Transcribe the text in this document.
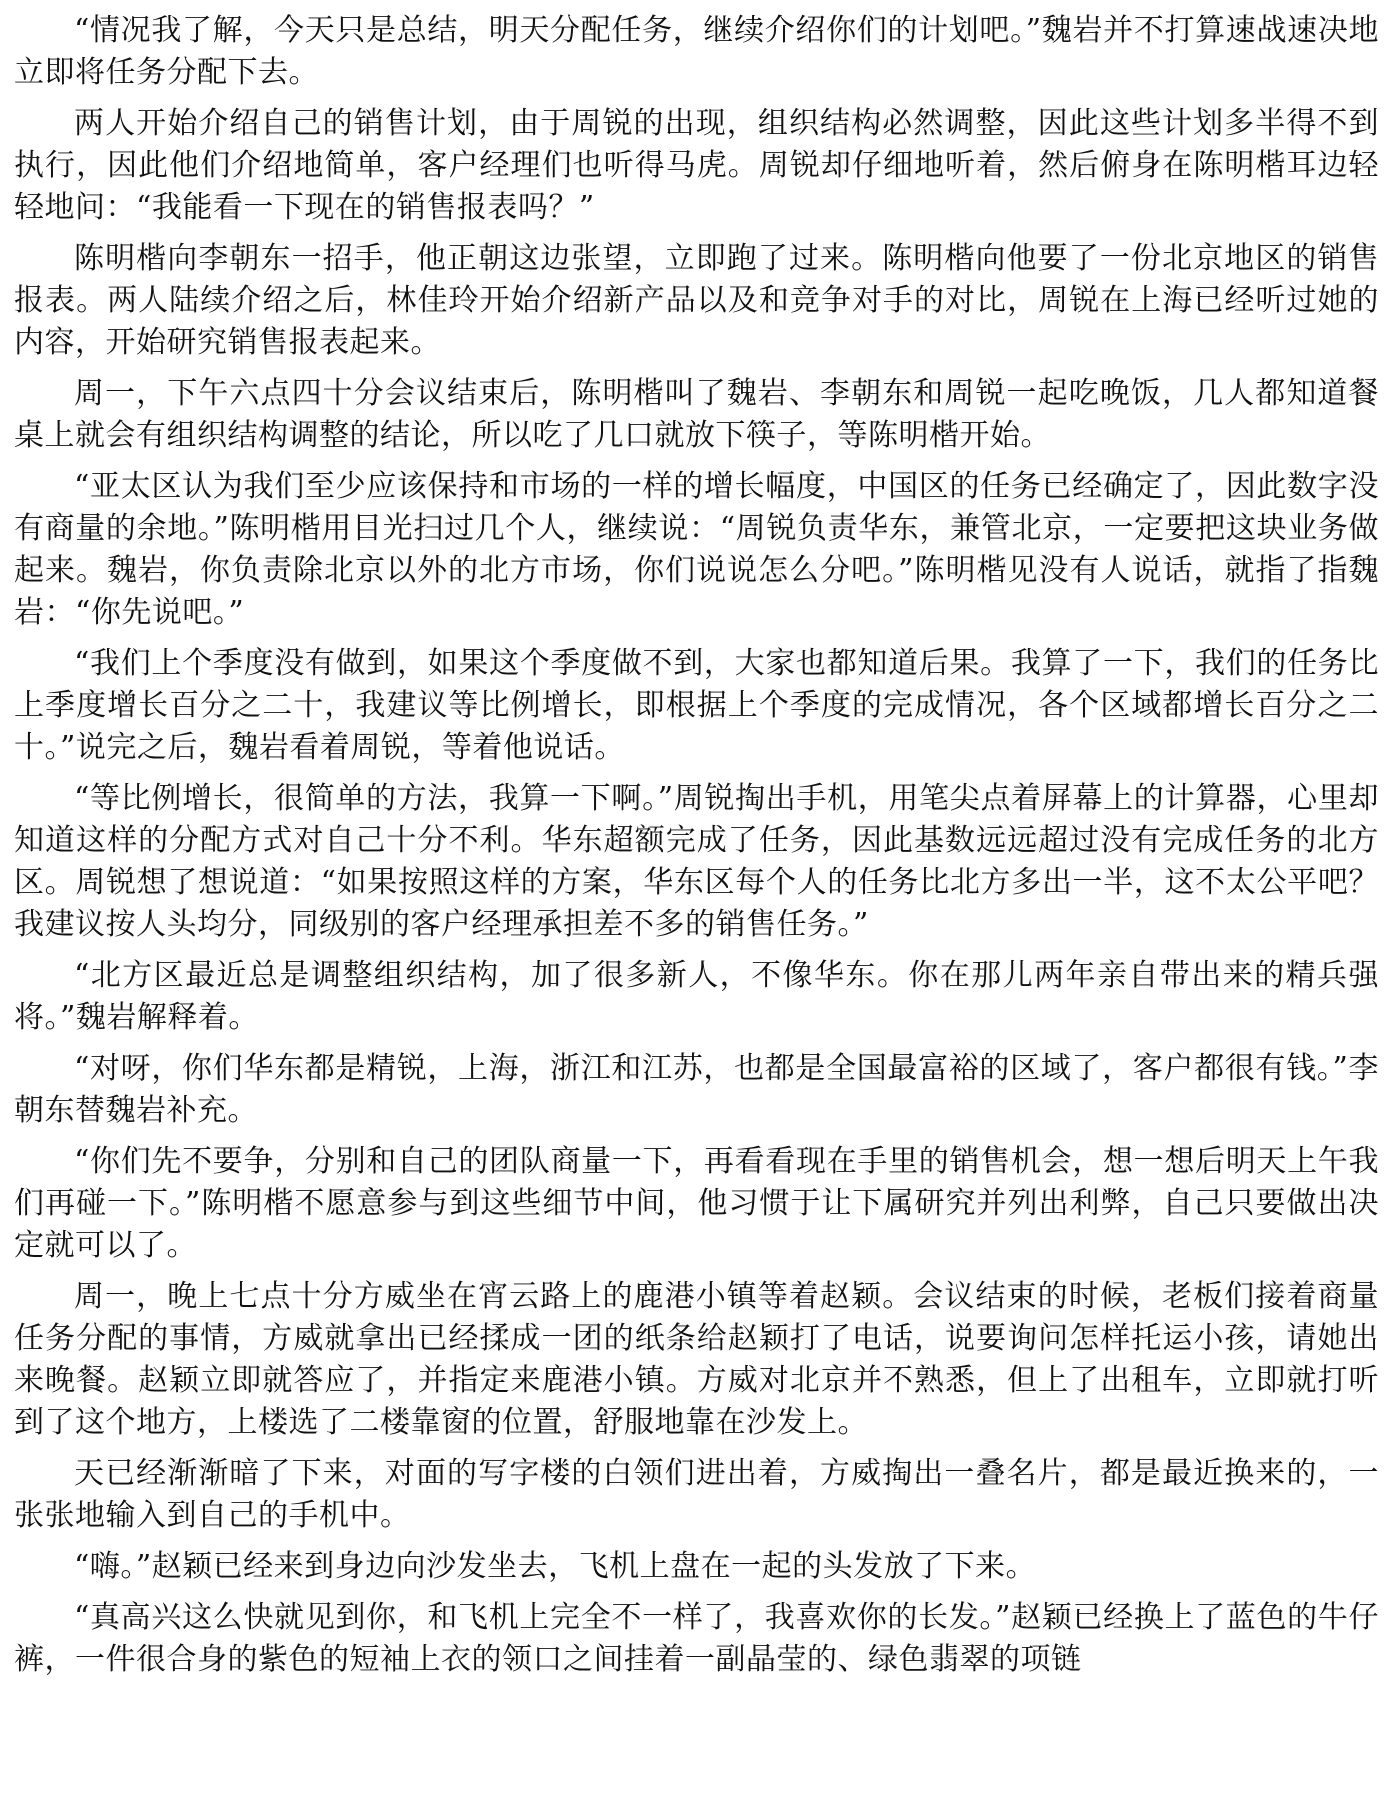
“情况我了解，今天只是总结，明天分配任务，继续介绍你们的计划吧。”魏岩并不打算速战速决地立即将任务分配下去。

两人开始介绍自己的销售计划，由于周锐的出现，组织结构必然调整，因此这些计划多半得不到执行，因此他们介绍地简单，客户经理们也听得马虎。周锐却仔细地听着，然后俯身在陈明楷耳边轻轻地问：“我能看一下现在的销售报表吗？”

陈明楷向李朝东一招手，他正朝这边张望，立即跑了过来。陈明楷向他要了一份北京地区的销售报表。两人陆续介绍之后，林佳玲开始介绍新产品以及和竞争对手的对比，周锐在上海已经听过她的内容，开始研究销售报表起来。

周一，下午六点四十分会议结束后，陈明楷叫了魏岩、李朝东和周锐一起吃晚饭，几人都知道餐桌上就会有组织结构调整的结论，所以吃了几口就放下筷子，等陈明楷开始。

“亚太区认为我们至少应该保持和市场的一样的增长幅度，中国区的任务已经确定了，因此数字没有商量的余地。”陈明楷用目光扫过几个人，继续说：“周锐负责华东，兼管北京，一定要把这块业务做起来。魏岩，你负责除北京以外的北方市场，你们说说怎么分吧。”陈明楷见没有人说话，就指了指魏岩：“你先说吧。”

“我们上个季度没有做到，如果这个季度做不到，大家也都知道后果。我算了一下，我们的任务比上季度增长百分之二十，我建议等比例增长，即根据上个季度的完成情况，各个区域都增长百分之二十。”说完之后，魏岩看着周锐，等着他说话。

“等比例增长，很简单的方法，我算一下啊。”周锐掏出手机，用笔尖点着屏幕上的计算器，心里却知道这样的分配方式对自己十分不利。华东超额完成了任务，因此基数远远超过没有完成任务的北方区。周锐想了想说道：“如果按照这样的方案，华东区每个人的任务比北方多出一半，这不太公平吧？我建议按人头均分，同级别的客户经理承担差不多的销售任务。”

“北方区最近总是调整组织结构，加了很多新人，不像华东。你在那儿两年亲自带出来的精兵强将。”魏岩解释着。

“对呀，你们华东都是精锐，上海，浙江和江苏，也都是全国最富裕的区域了，客户都很有钱。”李朝东替魏岩补充。

“你们先不要争，分别和自己的团队商量一下，再看看现在手里的销售机会，想一想后明天上午我们再碰一下。”陈明楷不愿意参与到这些细节中间，他习惯于让下属研究并列出利弊，自己只要做出决定就可以了。

周一，晚上七点十分方威坐在宵云路上的鹿港小镇等着赵颖。会议结束的时候，老板们接着商量任务分配的事情，方威就拿出已经揉成一团的纸条给赵颖打了电话，说要询问怎样托运小孩，请她出来晚餐。赵颖立即就答应了，并指定来鹿港小镇。方威对北京并不熟悉，但上了出租车，立即就打听到了这个地方，上楼选了二楼靠窗的位置，舒服地靠在沙发上。

天已经渐渐暗了下来，对面的写字楼的白领们进出着，方威掏出一叠名片，都是最近换来的，一张张地输入到自己的手机中。

“嗨。”赵颖已经来到身边向沙发坐去，飞机上盘在一起的头发放了下来。

“真高兴这么快就见到你，和飞机上完全不一样了，我喜欢你的长发。”赵颖已经换上了蓝色的牛仔裤，一件很合身的紫色的短袖上衣的领口之间挂着一副晶莹的、绿色翡翠的项链
